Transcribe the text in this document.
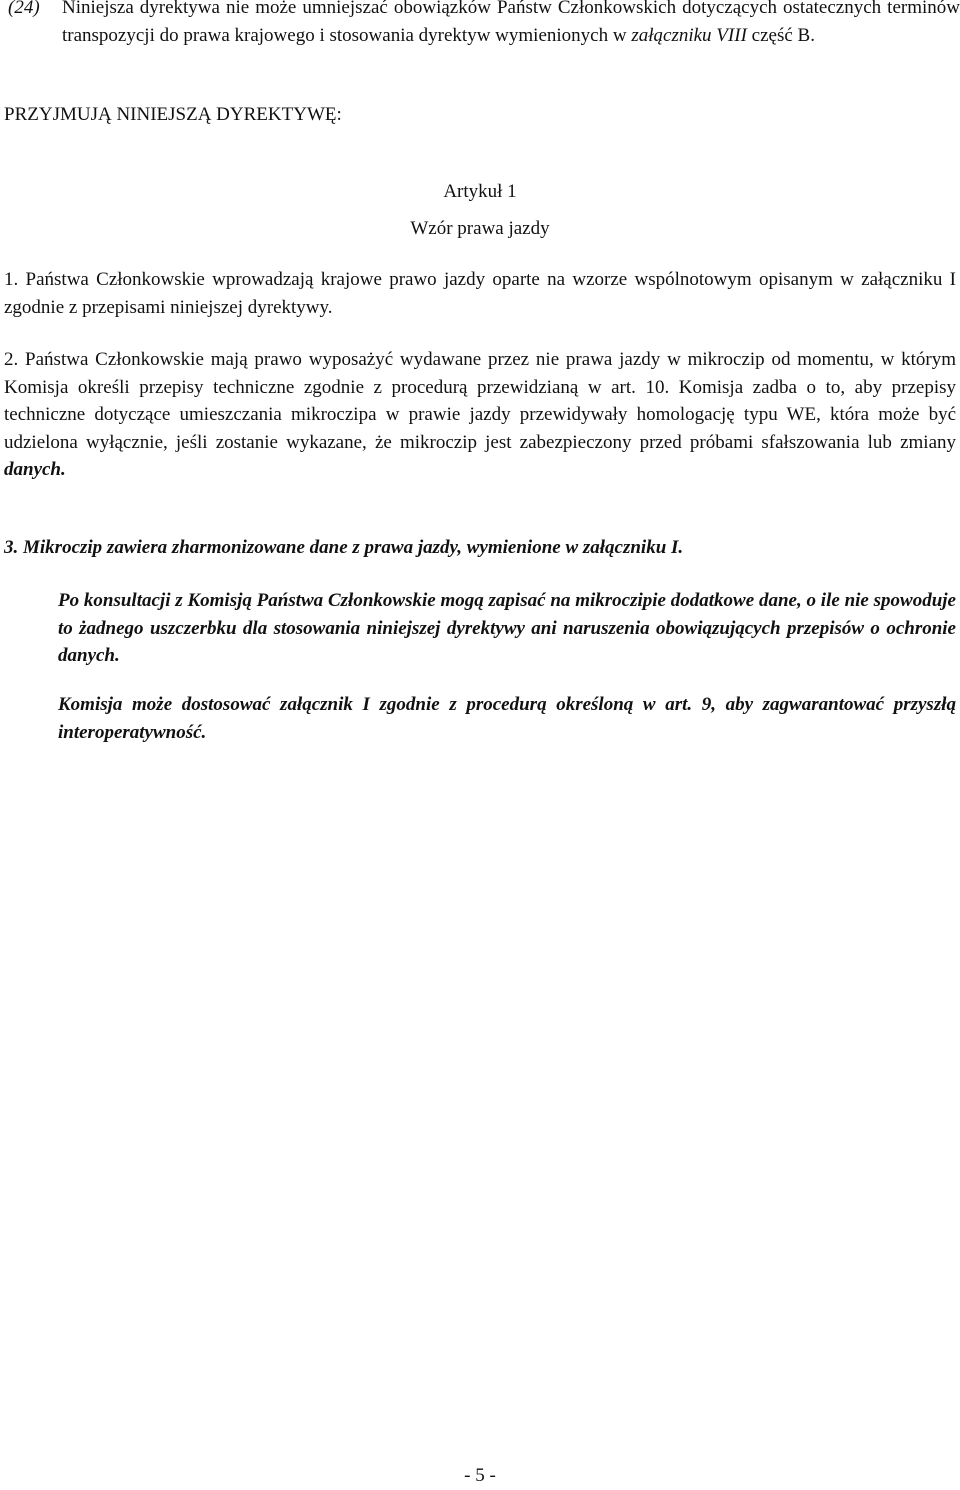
(24) Niniejsza dyrektywa nie może umniejszać obowiązków Państw Członkowskich dotyczących ostatecznych terminów transpozycji do prawa krajowego i stosowania dyrektyw wymienionych w załączniku VIII część B.
PRZYJMUJĄ NINIEJSZĄ DYREKTYWĘ:
Artykuł 1
Wzór prawa jazdy
1. Państwa Członkowskie wprowadzają krajowe prawo jazdy oparte na wzorze wspólnotowym opisanym w załączniku I zgodnie z przepisami niniejszej dyrektywy.
2. Państwa Członkowskie mają prawo wyposażyć wydawane przez nie prawa jazdy w mikroczip od momentu, w którym Komisja określi przepisy techniczne zgodnie z procedurą przewidzianą w art. 10. Komisja zadba o to, aby przepisy techniczne dotyczące umieszczania mikroczipa w prawie jazdy przewidywały homologację typu WE, która może być udzielona wyłącznie, jeśli zostanie wykazane, że mikroczip jest zabezpieczony przed próbami sfałszowania lub zmiany danych.
3. Mikroczip zawiera zharmonizowane dane z prawa jazdy, wymienione w załączniku I.
Po konsultacji z Komisją Państwa Członkowskie mogą zapisać na mikroczipie dodatkowe dane, o ile nie spowoduje to żadnego uszczerbku dla stosowania niniejszej dyrektywy ani naruszenia obowiązujących przepisów o ochronie danych.
Komisja może dostosować załącznik I zgodnie z procedurą określoną w art. 9, aby zagwarantować przyszłą interoperatywność.
- 5 -
